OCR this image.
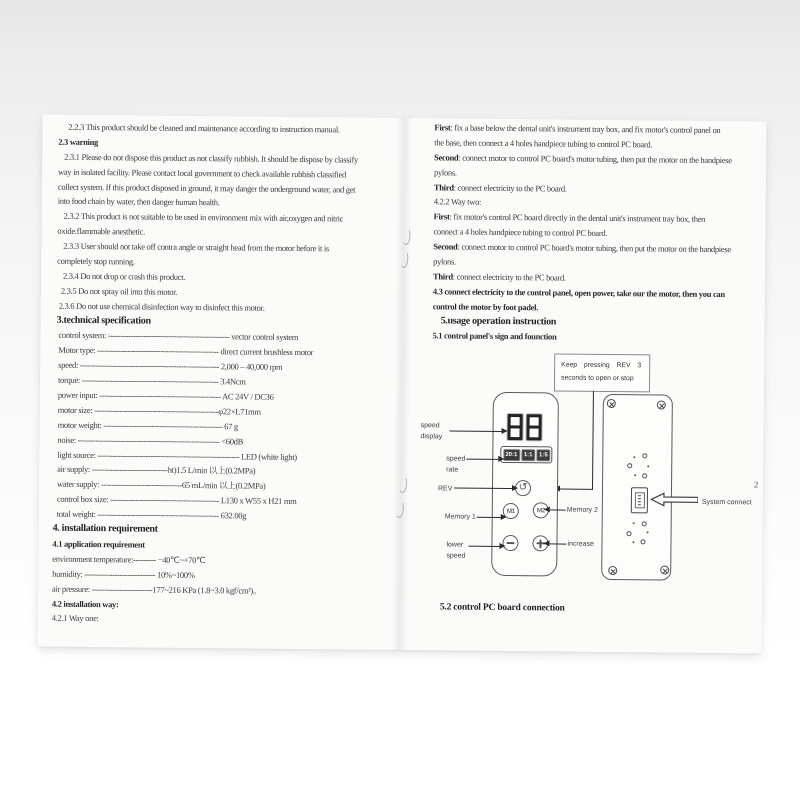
2.2.3 This product should be cleaned and maintenance according to instruction manual.
2.3 warning
2.3.1 Please do not dispose this product as not classify rubbish. It should be dispose by classify
way in isolated facility. Please contact local government to check available rubbish classified
collect system. If this product disposed in ground, it may danger the underground water, and get
into food chain by water, then danger human health.
2.3.2 This product is not suitable to be used in environment mix with air,oxygen and nitric
oxide.flammable anesthetic.
2.3.3 User should not take off contra angle or straight head from the motor before it is
completely stop running.
2.3.4 Do not drop or crash this product.
2.3.5 Do not spray oil into this motor.
2.3.6 Do not use chemical disinfection way to disinfect this motor.
3.technical specification
control system: ------------------------------------------------ vector control system
Motor type: ------------------------------------------------ direct current brushless motor
speed: ------------------------------------------------------- 2,000 – 40,000 rpm
torque: ------------------------------------------------------ 3.4Ncm
power input: ------------------------------------------------ AC 24V / DC36
motor size: -------------------------------------------------φ22×L71mm
motor weight: ----------------------------------------------- 67 g
noise: -------------------------------------------------------- <60dB
light source: -------------------------------------------------------- LED (white light)
air supply: ------------------------------ht)1.5 L/min 以上(0.2MPa)
water supply: --------------------------------65 mL/min 以上(0.2MPa)
control box size: ------------------------------------------- L130 x W55 x H21 mm
total weight: ------------------------------------------------ 632.00g
4. installation requirement
4.1 application requirement
environment temperature:--------- −40℃~+70℃
humidity: ---------------------------- 10%~100%
air pressure: ------------------------177~216 KPa (1.8~3.0 kgf/cm²)。
4.2 installation way:
4.2.1 Way one:
First: fix a base below the dental unit's instrument tray box, and fix motor's control panel on
the base, then connect a 4 holes handpiece tubing to control PC board.
Second: connect motor to control PC board's motor tubing, then put the motor on the handpiese
pylons.
Third: connect electricity to the PC board.
4.2.2 Way two:
First: fix motor's control PC board directly in the dental unit's instrument tray box, then
connect a 4 holes handpiece tubing to control PC board.
Second: connect motor to control PC board's motor tubing, then put the motor on the handpiese
pylons.
Third: connect electricity to the PC board.
4.3 connect electricity to the control panel, open power, take our the motor, then you can
control the motor by foot padel.
5.usage operation instruction
5.1 control panel's sign and founction
Keep pressing REV 3
seconds to open or stop
20:1	1:1	1:5
↺
M1	M2
speed display
speed rate
REV
Memory 1
lower speed
Memory 2
increase
System connect
2
5.2 control PC board connection
